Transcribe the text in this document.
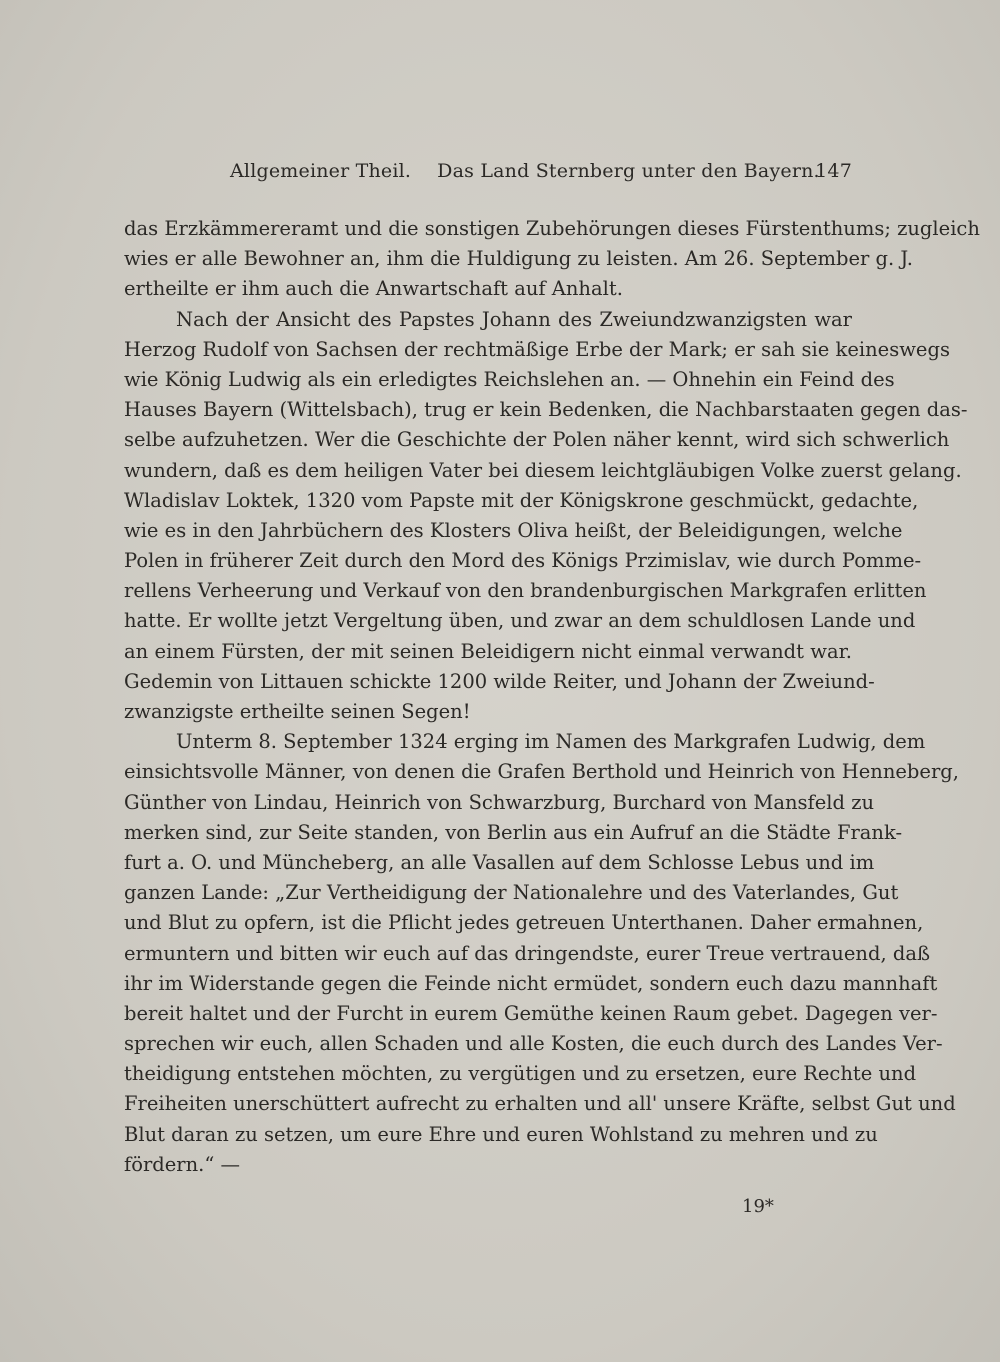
Allgemeiner Theil. Das Land Sternberg unter den Bayern.
147
das Erzkämmereramt und die sonstigen Zubehörungen dieses Fürstenthums; zugleich
wies er alle Bewohner an, ihm die Huldigung zu leisten. Am 26. September g. J.
ertheilte er ihm auch die Anwartschaft auf Anhalt.
Nach der Ansicht des Papstes Johann des Zweiundzwanzigsten war
Herzog Rudolf von Sachsen der rechtmäßige Erbe der Mark; er sah sie keineswegs
wie König Ludwig als ein erledigtes Reichslehen an. — Ohnehin ein Feind des
Hauses Bayern (Wittelsbach), trug er kein Bedenken, die Nachbarstaaten gegen das-
selbe aufzuhetzen. Wer die Geschichte der Polen näher kennt, wird sich schwerlich
wundern, daß es dem heiligen Vater bei diesem leichtgläubigen Volke zuerst gelang.
Wladislav Loktek, 1320 vom Papste mit der Königskrone geschmückt, gedachte,
wie es in den Jahrbüchern des Klosters Oliva heißt, der Beleidigungen, welche
Polen in früherer Zeit durch den Mord des Königs Przimislav, wie durch Pomme-
rellens Verheerung und Verkauf von den brandenburgischen Markgrafen erlitten
hatte. Er wollte jetzt Vergeltung üben, und zwar an dem schuldlosen Lande und
an einem Fürsten, der mit seinen Beleidigern nicht einmal verwandt war.
Gedemin von Littauen schickte 1200 wilde Reiter, und Johann der Zweiund-
zwanzigste ertheilte seinen Segen!
Unterm 8. September 1324 erging im Namen des Markgrafen Ludwig, dem
einsichtsvolle Männer, von denen die Grafen Berthold und Heinrich von Henneberg,
Günther von Lindau, Heinrich von Schwarzburg, Burchard von Mansfeld zu
merken sind, zur Seite standen, von Berlin aus ein Aufruf an die Städte Frank-
furt a. O. und Müncheberg, an alle Vasallen auf dem Schlosse Lebus und im
ganzen Lande: „Zur Vertheidigung der Nationalehre und des Vaterlandes, Gut
und Blut zu opfern, ist die Pflicht jedes getreuen Unterthanen. Daher ermahnen,
ermuntern und bitten wir euch auf das dringendste, eurer Treue vertrauend, daß
ihr im Widerstande gegen die Feinde nicht ermüdet, sondern euch dazu mannhaft
bereit haltet und der Furcht in eurem Gemüthe keinen Raum gebet. Dagegen ver-
sprechen wir euch, allen Schaden und alle Kosten, die euch durch des Landes Ver-
theidigung entstehen möchten, zu vergütigen und zu ersetzen, eure Rechte und
Freiheiten unerschüttert aufrecht zu erhalten und all' unsere Kräfte, selbst Gut und
Blut daran zu setzen, um eure Ehre und euren Wohlstand zu mehren und zu
fördern.“ —
19*
